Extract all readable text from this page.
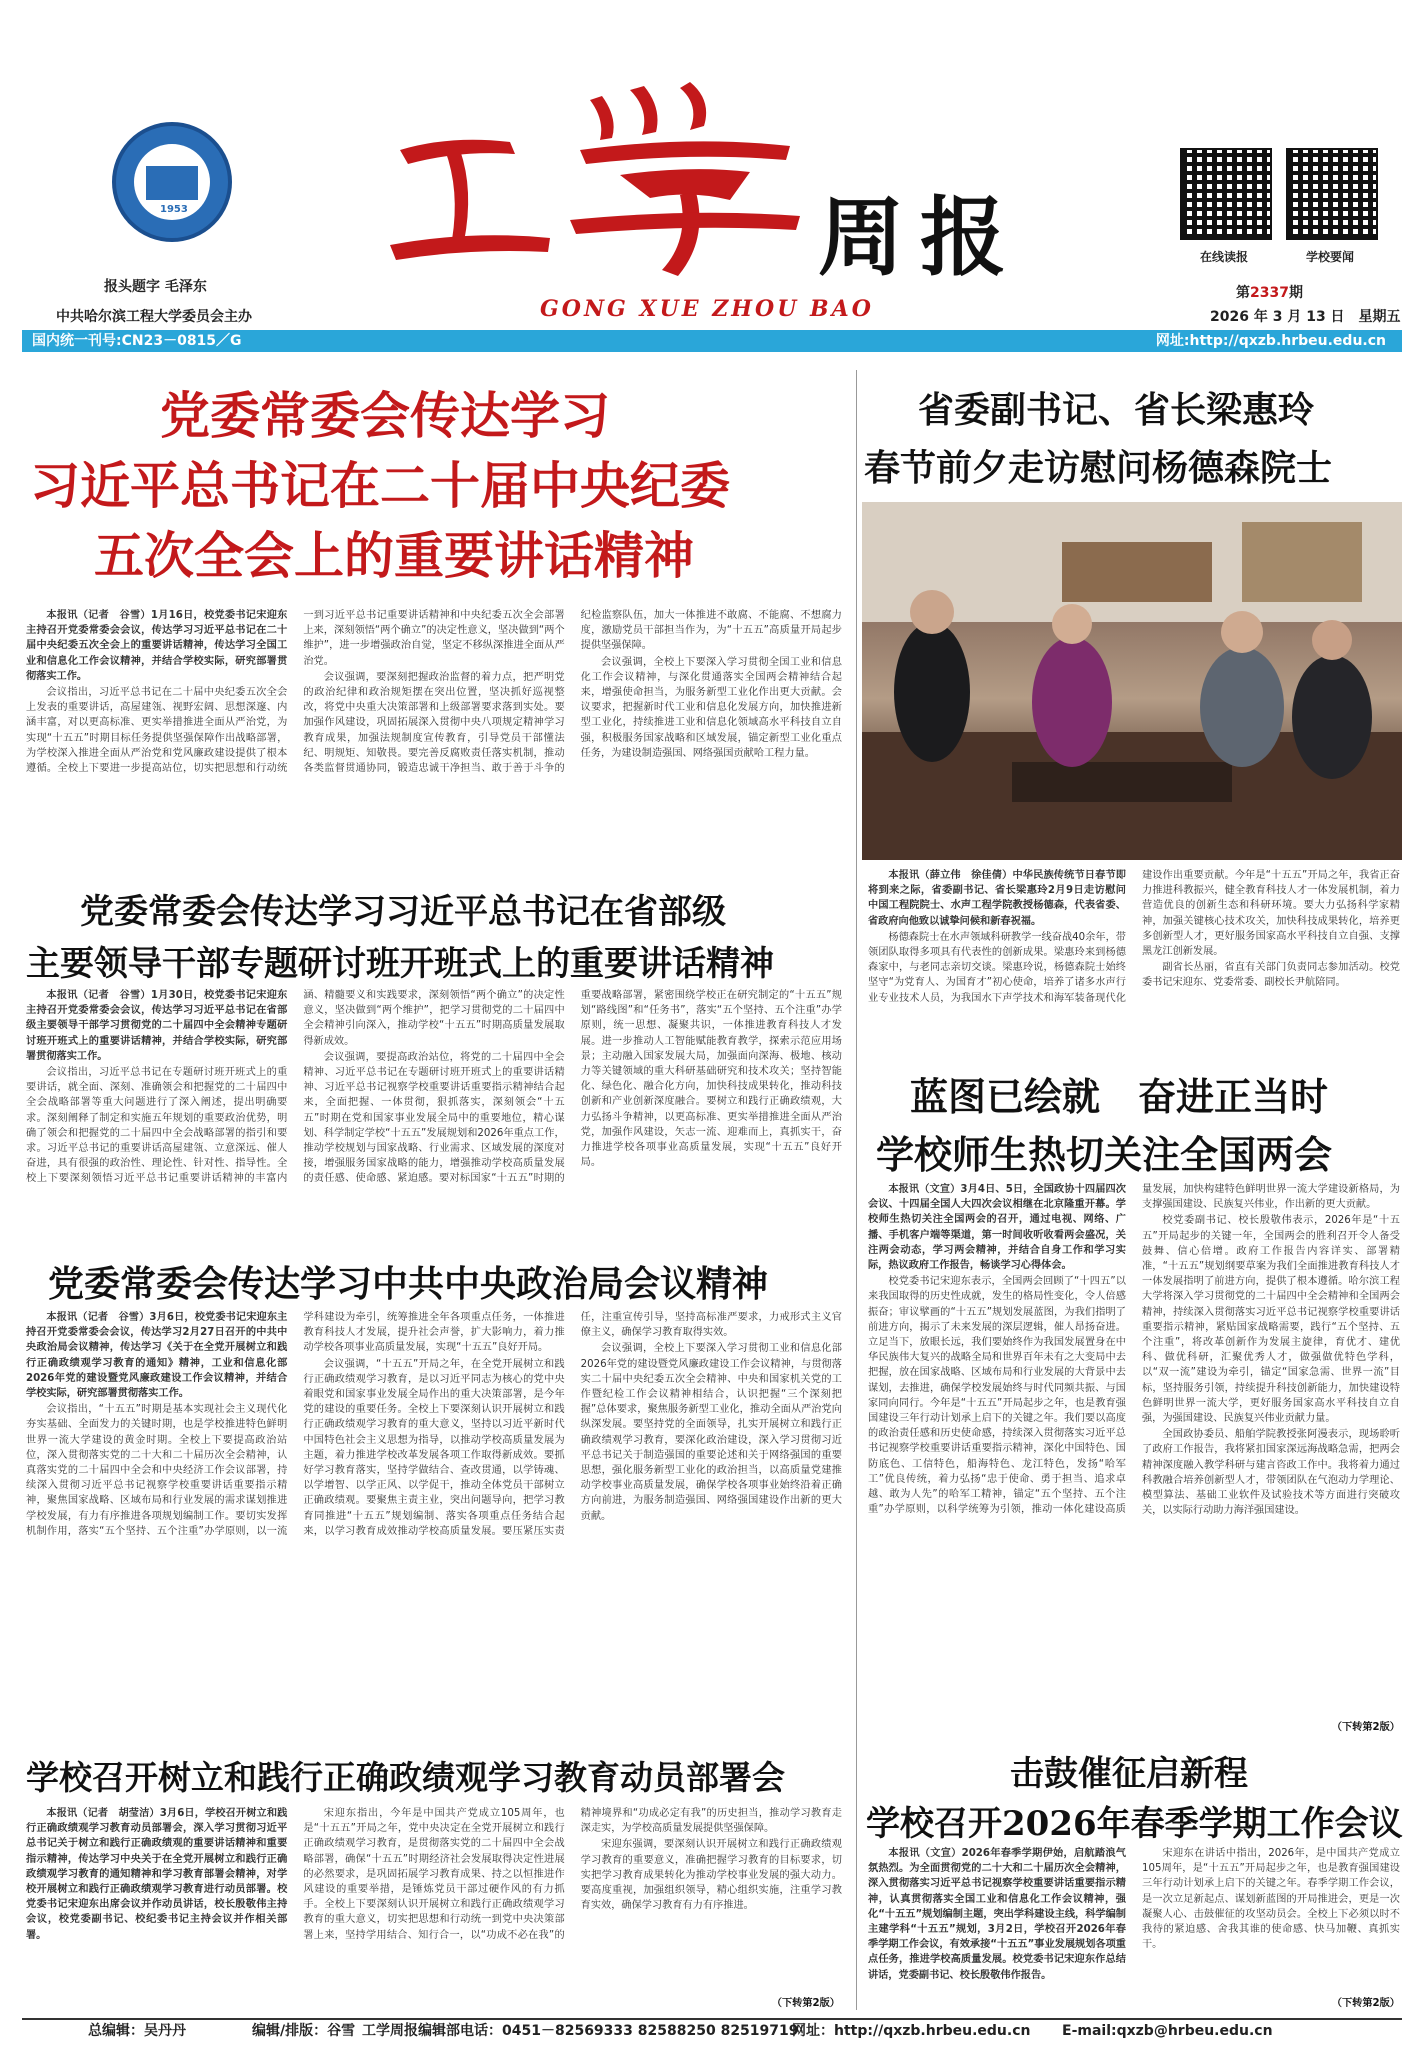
1953	周报
GONG XUE ZHOU BAO
报头题字 毛泽东
中共哈尔滨工程大学委员会主办
在线读报	学校要闻
第2337期
2026 年 3 月 13 日　星期五
国内统一刊号:CN23－0815／G	网址:http://qxzb.hrbeu.edu.cn
党委常委会传达学习
习近平总书记在二十届中央纪委
五次全会上的重要讲话精神

本报讯（记者　谷雪）1月16日，校党委书记宋迎东主持召开党委常委会会议，传达学习习近平总书记在二十届中央纪委五次全会上的重要讲话精神，传达学习全国工业和信息化工作会议精神，并结合学校实际，研究部署贯彻落实工作。

会议指出，习近平总书记在二十届中央纪委五次全会上发表的重要讲话，高屋建瓴、视野宏阔、思想深邃、内涵丰富，对以更高标准、更实举措推进全面从严治党，为实现“十五五”时期目标任务提供坚强保障作出战略部署，为学校深入推进全面从严治党和党风廉政建设提供了根本遵循。全校上下要进一步提高站位，切实把思想和行动统一到习近平总书记重要讲话精神和中央纪委五次全会部署上来，深刻领悟“两个确立”的决定性意义，坚决做到“两个维护”，进一步增强政治自觉，坚定不移纵深推进全面从严治党。

会议强调，要深刻把握政治监督的着力点，把严明党的政治纪律和政治规矩摆在突出位置，坚决抓好巡视整改，将党中央重大决策部署和上级部署要求落到实处。要加强作风建设，巩固拓展深入贯彻中央八项规定精神学习教育成果，加强法规制度宣传教育，引导党员干部懂法纪、明规矩、知敬畏。要完善反腐败责任落实机制，推动各类监督贯通协同，锻造忠诚干净担当、敢于善于斗争的纪检监察队伍，加大一体推进不敢腐、不能腐、不想腐力度，激励党员干部担当作为，为“十五五”高质量开局起步提供坚强保障。

会议强调，全校上下要深入学习贯彻全国工业和信息化工作会议精神，与深化贯通落实全国两会精神结合起来，增强使命担当，为服务新型工业化作出更大贡献。会议要求，把握新时代工业和信息化发展方向，加快推进新型工业化，持续推进工业和信息化领域高水平科技自立自强，积极服务国家战略和区域发展，锚定新型工业化重点任务，为建设制造强国、网络强国贡献哈工程力量。

党委常委会传达学习习近平总书记在省部级
主要领导干部专题研讨班开班式上的重要讲话精神

本报讯（记者　谷雪）1月30日，校党委书记宋迎东主持召开党委常委会会议，传达学习习近平总书记在省部级主要领导干部学习贯彻党的二十届四中全会精神专题研讨班开班式上的重要讲话精神，并结合学校实际，研究部署贯彻落实工作。

会议指出，习近平总书记在专题研讨班开班式上的重要讲话，就全面、深刻、准确领会和把握党的二十届四中全会战略部署等重大问题进行了深入阐述，提出明确要求。深刻阐释了制定和实施五年规划的重要政治优势，明确了领会和把握党的二十届四中全会战略部署的指引和要求。习近平总书记的重要讲话高屋建瓴、立意深远、催人奋进，具有很强的政治性、理论性、针对性、指导性。全校上下要深刻领悟习近平总书记重要讲话精神的丰富内涵、精髓要义和实践要求，深刻领悟“两个确立”的决定性意义，坚决做到“两个维护”，把学习贯彻党的二十届四中全会精神引向深入，推动学校“十五五”时期高质量发展取得新成效。

会议强调，要提高政治站位，将党的二十届四中全会精神、习近平总书记在专题研讨班开班式上的重要讲话精神、习近平总书记视察学校重要讲话重要指示精神结合起来，全面把握、一体贯彻，狠抓落实，深刻领会“十五五”时期在党和国家事业发展全局中的重要地位，精心谋划、科学制定学校“十五五”发展规划和2026年重点工作，推动学校规划与国家战略、行业需求、区域发展的深度对接，增强服务国家战略的能力，增强推动学校高质量发展的责任感、使命感、紧迫感。要对标国家“十五五”时期的重要战略部署，紧密围绕学校正在研究制定的“十五五”规划“路线图”和“任务书”，落实“五个坚持、五个注重”办学原则，统一思想、凝聚共识，一体推进教育科技人才发展。进一步推动人工智能赋能教育教学，探索示范应用场景；主动融入国家发展大局，加强面向深海、极地、核动力等关键领域的重大科研基础研究和技术攻关；坚持智能化、绿色化、融合化方向，加快科技成果转化，推动科技创新和产业创新深度融合。要树立和践行正确政绩观，大力弘扬斗争精神，以更高标准、更实举措推进全面从严治党，加强作风建设，矢志一流、迎难而上，真抓实干，奋力推进学校各项事业高质量发展，实现“十五五”良好开局。

党委常委会传达学习中共中央政治局会议精神

本报讯（记者　谷雪）3月6日，校党委书记宋迎东主持召开党委常委会会议，传达学习2月27日召开的中共中央政治局会议精神，传达学习《关于在全党开展树立和践行正确政绩观学习教育的通知》精神，工业和信息化部2026年党的建设暨党风廉政建设工作会议精神，并结合学校实际，研究部署贯彻落实工作。

会议指出，“十五五”时期是基本实现社会主义现代化夯实基础、全面发力的关键时期，也是学校推进特色鲜明世界一流大学建设的黄金时期。全校上下要提高政治站位，深入贯彻落实党的二十大和二十届历次全会精神，认真落实党的二十届四中全会和中央经济工作会议部署，持续深入贯彻习近平总书记视察学校重要讲话重要指示精神，聚焦国家战略、区域布局和行业发展的需求谋划推进学校发展，有力有序推进各项规划编制工作。要切实发挥机制作用，落实“五个坚持、五个注重”办学原则，以一流学科建设为牵引，统筹推进全年各项重点任务，一体推进教育科技人才发展，提升社会声誉，扩大影响力，着力推动学校各项事业高质量发展，实现“十五五”良好开局。

会议强调，“十五五”开局之年，在全党开展树立和践行正确政绩观学习教育，是以习近平同志为核心的党中央着眼党和国家事业发展全局作出的重大决策部署，是今年党的建设的重要任务。全校上下要深刻认识开展树立和践行正确政绩观学习教育的重大意义，坚持以习近平新时代中国特色社会主义思想为指导，以推动学校高质量发展为主题，着力推进学校改革发展各项工作取得新成效。要抓好学习教育落实，坚持学做结合、查改贯通，以学铸魂、以学增智、以学正风、以学促干，推动全体党员干部树立正确政绩观。要聚焦主责主业，突出问题导向，把学习教育同推进“十五五”规划编制、落实各项重点任务结合起来，以学习教育成效推动学校高质量发展。要压紧压实责任，注重宣传引导，坚持高标准严要求，力戒形式主义官僚主义，确保学习教育取得实效。

会议强调，全校上下要深入学习贯彻工业和信息化部2026年党的建设暨党风廉政建设工作会议精神，与贯彻落实二十届中央纪委五次全会精神、中央和国家机关党的工作暨纪检工作会议精神相结合，认识把握“三个深刻把握”总体要求，聚焦服务新型工业化，推动全面从严治党向纵深发展。要坚持党的全面领导，扎实开展树立和践行正确政绩观学习教育，要深化政治建设，深入学习贯彻习近平总书记关于制造强国的重要论述和关于网络强国的重要思想，强化服务新型工业化的政治担当，以高质量党建推动学校事业高质量发展，确保学校各项事业始终沿着正确方向前进，为服务制造强国、网络强国建设作出新的更大贡献。

学校召开树立和践行正确政绩观学习教育动员部署会

本报讯（记者　胡莹洁）3月6日，学校召开树立和践行正确政绩观学习教育动员部署会，深入学习贯彻习近平总书记关于树立和践行正确政绩观的重要讲话精神和重要指示精神，传达学习中央关于在全党开展树立和践行正确政绩观学习教育的通知精神和学习教育部署会精神，对学校开展树立和践行正确政绩观学习教育进行动员部署。校党委书记宋迎东出席会议并作动员讲话，校长殷敬伟主持会议，校党委副书记、校纪委书记主持会议并作相关部署。

宋迎东指出，今年是中国共产党成立105周年，也是“十五五”开局之年，党中央决定在全党开展树立和践行正确政绩观学习教育，是贯彻落实党的二十届四中全会战略部署，确保“十五五”时期经济社会发展取得决定性进展的必然要求，是巩固拓展学习教育成果、持之以恒推进作风建设的重要举措，是锤炼党员干部过硬作风的有力抓手。全校上下要深刻认识开展树立和践行正确政绩观学习教育的重大意义，切实把思想和行动统一到党中央决策部署上来，坚持学用结合、知行合一，以“功成不必在我”的精神境界和“功成必定有我”的历史担当，推动学习教育走深走实，为学校高质量发展提供坚强保障。

宋迎东强调，要深刻认识开展树立和践行正确政绩观学习教育的重要意义，准确把握学习教育的目标要求，切实把学习教育成果转化为推动学校事业发展的强大动力。要高度重视，加强组织领导，精心组织实施，注重学习教育实效，确保学习教育有力有序推进。

（下转第2版）
省委副书记、省长梁惠玲
春节前夕走访慰问杨德森院士

本报讯（薛立伟　徐佳倩）中华民族传统节日春节即将到来之际，省委副书记、省长梁惠玲2月9日走访慰问中国工程院院士、水声工程学院教授杨德森，代表省委、省政府向他致以诚挚问候和新春祝福。

杨德森院士在水声领域科研教学一线奋战40余年，带领团队取得多项具有代表性的创新成果。梁惠玲来到杨德森家中，与老同志亲切交谈。梁惠玲说，杨德森院士始终坚守“为党育人、为国育才”初心使命，培养了诸多水声行业专业技术人员，为我国水下声学技术和海军装备现代化建设作出重要贡献。今年是“十五五”开局之年，我省正奋力推进科教振兴，健全教育科技人才一体发展机制，着力营造优良的创新生态和科研环境。要大力弘扬科学家精神，加强关键核心技术攻关，加快科技成果转化，培养更多创新型人才，更好服务国家高水平科技自立自强、支撑黑龙江创新发展。

副省长丛丽，省直有关部门负责同志参加活动。校党委书记宋迎东、党委常委、副校长尹航陪同。

蓝图已绘就　奋进正当时
学校师生热切关注全国两会

本报讯（文宣）3月4日、5日，全国政协十四届四次会议、十四届全国人大四次会议相继在北京隆重开幕。学校师生热切关注全国两会的召开，通过电视、网络、广播、手机客户端等渠道，第一时间收听收看两会盛况，关注两会动态，学习两会精神，并结合自身工作和学习实际，热议政府工作报告，畅谈学习心得体会。

校党委书记宋迎东表示，全国两会回顾了“十四五”以来我国取得的历史性成就，发生的格局性变化，令人倍感振奋；审议擘画的“十五五”规划发展蓝图，为我们指明了前进方向，揭示了未来发展的深层逻辑，催人昂扬奋进。立足当下，放眼长远，我们要始终作为我国发展置身在中华民族伟大复兴的战略全局和世界百年未有之大变局中去把握，放在国家战略、区域布局和行业发展的大背景中去谋划，去推进，确保学校发展始终与时代同频共振、与国家同向同行。今年是“十五五”开局起步之年，也是教育强国建设三年行动计划承上启下的关键之年。我们要以高度的政治责任感和历史使命感，持续深入贯彻落实习近平总书记视察学校重要讲话重要指示精神，深化中国特色、国防底色、工信特色，船海特色、龙江特色，发扬“哈军工”优良传统，着力弘扬“忠于使命、勇于担当、追求卓越、敢为人先”的哈军工精神，锚定“五个坚持、五个注重”办学原则，以科学统筹为引领，推动一体化建设高质量发展，加快构建特色鲜明世界一流大学建设新格局，为支撑强国建设、民族复兴伟业，作出新的更大贡献。

校党委副书记、校长殷敬伟表示，2026年是“十五五”开局起步的关键一年，全国两会的胜利召开令人备受鼓舞、信心倍增。政府工作报告内容详实、部署精准，“十五五”规划纲要草案为我们全面推进教育科技人才一体发展指明了前进方向，提供了根本遵循。哈尔滨工程大学将深入学习贯彻党的二十届四中全会精神和全国两会精神，持续深入贯彻落实习近平总书记视察学校重要讲话重要指示精神，紧贴国家战略需要，践行“五个坚持、五个注重”，将改革创新作为发展主旋律，育优才、建优科、做优科研，汇聚优秀人才，做强做优特色学科，以“双一流”建设为牵引，锚定“国家急需、世界一流”目标，坚持服务引领，持续提升科技创新能力，加快建设特色鲜明世界一流大学，更好服务国家高水平科技自立自强，为强国建设、民族复兴伟业贡献力量。

全国政协委员、船舶学院教授张阿漫表示，现场聆听了政府工作报告，我将紧扣国家深远海战略急需，把两会精神深度融入教学科研与建言咨政工作中。我将着力通过科教融合培养创新型人才，带领团队在气泡动力学理论、模型算法、基础工业软件及试验技术等方面进行突破攻关，以实际行动助力海洋强国建设。

（下转第2版）
击鼓催征启新程
学校召开2026年春季学期工作会议

本报讯（文宣）2026年春季学期伊始，启航踏浪气氛热烈。为全面贯彻党的二十大和二十届历次全会精神，深入贯彻落实习近平总书记视察学校重要讲话重要指示精神，认真贯彻落实全国工业和信息化工作会议精神，强化“十五五”规划编制主题，突出学科建设主线，科学编制主建学科“十五五”规划，3月2日，学校召开2026年春季学期工作会议，有效承接“十五五”事业发展规划各项重点任务，推进学校高质量发展。校党委书记宋迎东作总结讲话，党委副书记、校长殷敬伟作报告。

宋迎东在讲话中指出，2026年，是中国共产党成立105周年，是“十五五”开局起步之年，也是教育强国建设三年行动计划承上启下的关键之年。春季学期工作会议，是一次立足新起点、谋划新蓝图的开局推进会，更是一次凝聚人心、击鼓催征的攻坚动员会。全校上下必须以时不我待的紧迫感、舍我其谁的使命感、快马加鞭、真抓实干。

（下转第2版）
总编辑：吴丹丹	编辑/排版：谷雪 工学周报编辑部电话：0451－82569333 82588250 82519719
网址：http://qxzb.hrbeu.edu.cn E-mail:qxzb@hrbeu.edu.cn
